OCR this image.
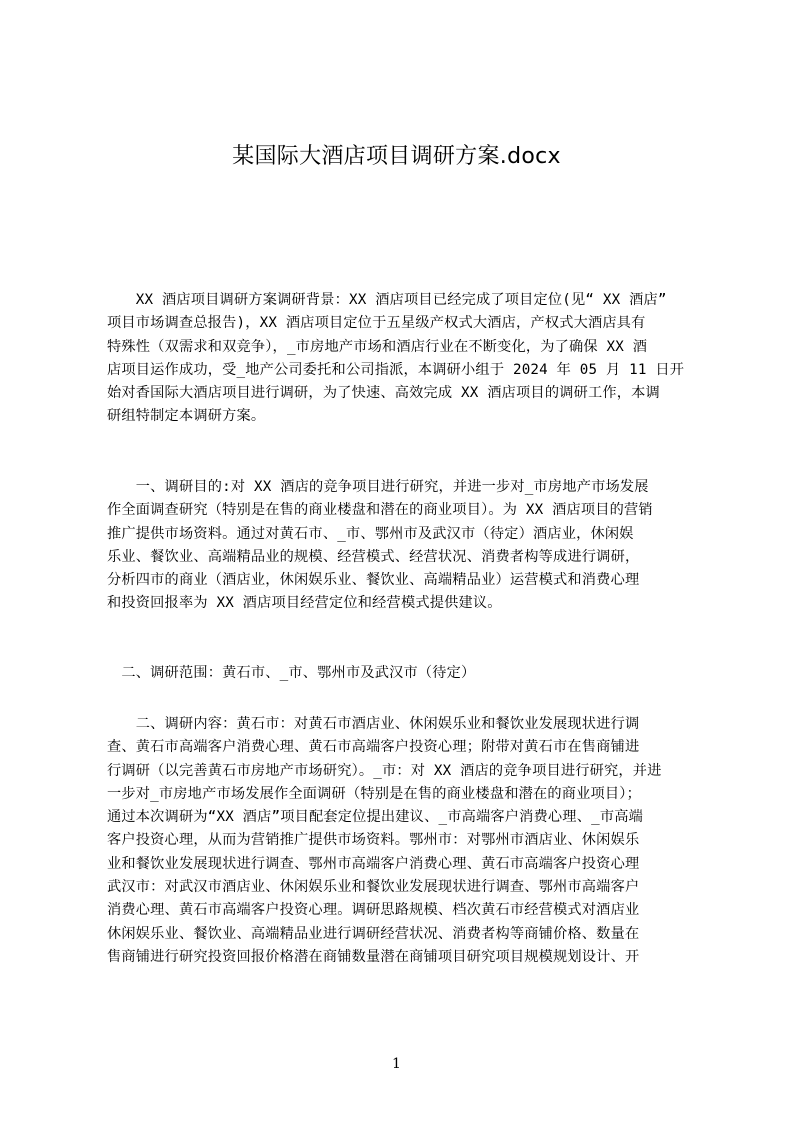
某国际大酒店项目调研方案.docx
　　XX 酒店项目调研方案调研背景：XX 酒店项目已经完成了项目定位(见“ XX 酒店”
项目市场调查总报告)，XX 酒店项目定位于五星级产权式大酒店，产权式大酒店具有
特殊性（双需求和双竞争），_市房地产市场和酒店行业在不断变化，为了确保 XX 酒
店项目运作成功，受_地产公司委托和公司指派，本调研小组于 2024 年 05 月 11 日开
始对香国际大酒店项目进行调研，为了快速、高效完成 XX 酒店项目的调研工作，本调
研组特制定本调研方案。
　　一、调研目的:对 XX 酒店的竞争项目进行研究，并进一步对_市房地产市场发展
作全面调查研究（特别是在售的商业楼盘和潜在的商业项目）。为 XX 酒店项目的营销
推广提供市场资料。通过对黄石市、_市、鄂州市及武汉市（待定）酒店业，休闲娱
乐业、餐饮业、高端精品业的规模、经营模式、经营状况、消费者构等成进行调研，
分析四市的商业（酒店业，休闲娱乐业、餐饮业、高端精品业）运营模式和消费心理
和投资回报率为 XX 酒店项目经营定位和经营模式提供建议。
　二、调研范围：黄石市、_市、鄂州市及武汉市（待定）
　　二、调研内容：黄石市：对黄石市酒店业、休闲娱乐业和餐饮业发展现状进行调
查、黄石市高端客户消费心理、黄石市高端客户投资心理；附带对黄石市在售商铺进
行调研（以完善黄石市房地产市场研究）。_市：对 XX 酒店的竞争项目进行研究，并进
一步对_市房地产市场发展作全面调研（特别是在售的商业楼盘和潜在的商业项目）；
通过本次调研为“XX 酒店”项目配套定位提出建议、_市高端客户消费心理、_市高端
客户投资心理，从而为营销推广提供市场资料。鄂州市：对鄂州市酒店业、休闲娱乐
业和餐饮业发展现状进行调查、鄂州市高端客户消费心理、黄石市高端客户投资心理
武汉市：对武汉市酒店业、休闲娱乐业和餐饮业发展现状进行调查、鄂州市高端客户
消费心理、黄石市高端客户投资心理。调研思路规模、档次黄石市经营模式对酒店业
休闲娱乐业、餐饮业、高端精品业进行调研经营状况、消费者构等商铺价格、数量在
售商铺进行研究投资回报价格潜在商铺数量潜在商铺项目研究项目规模规划设计、开
1
